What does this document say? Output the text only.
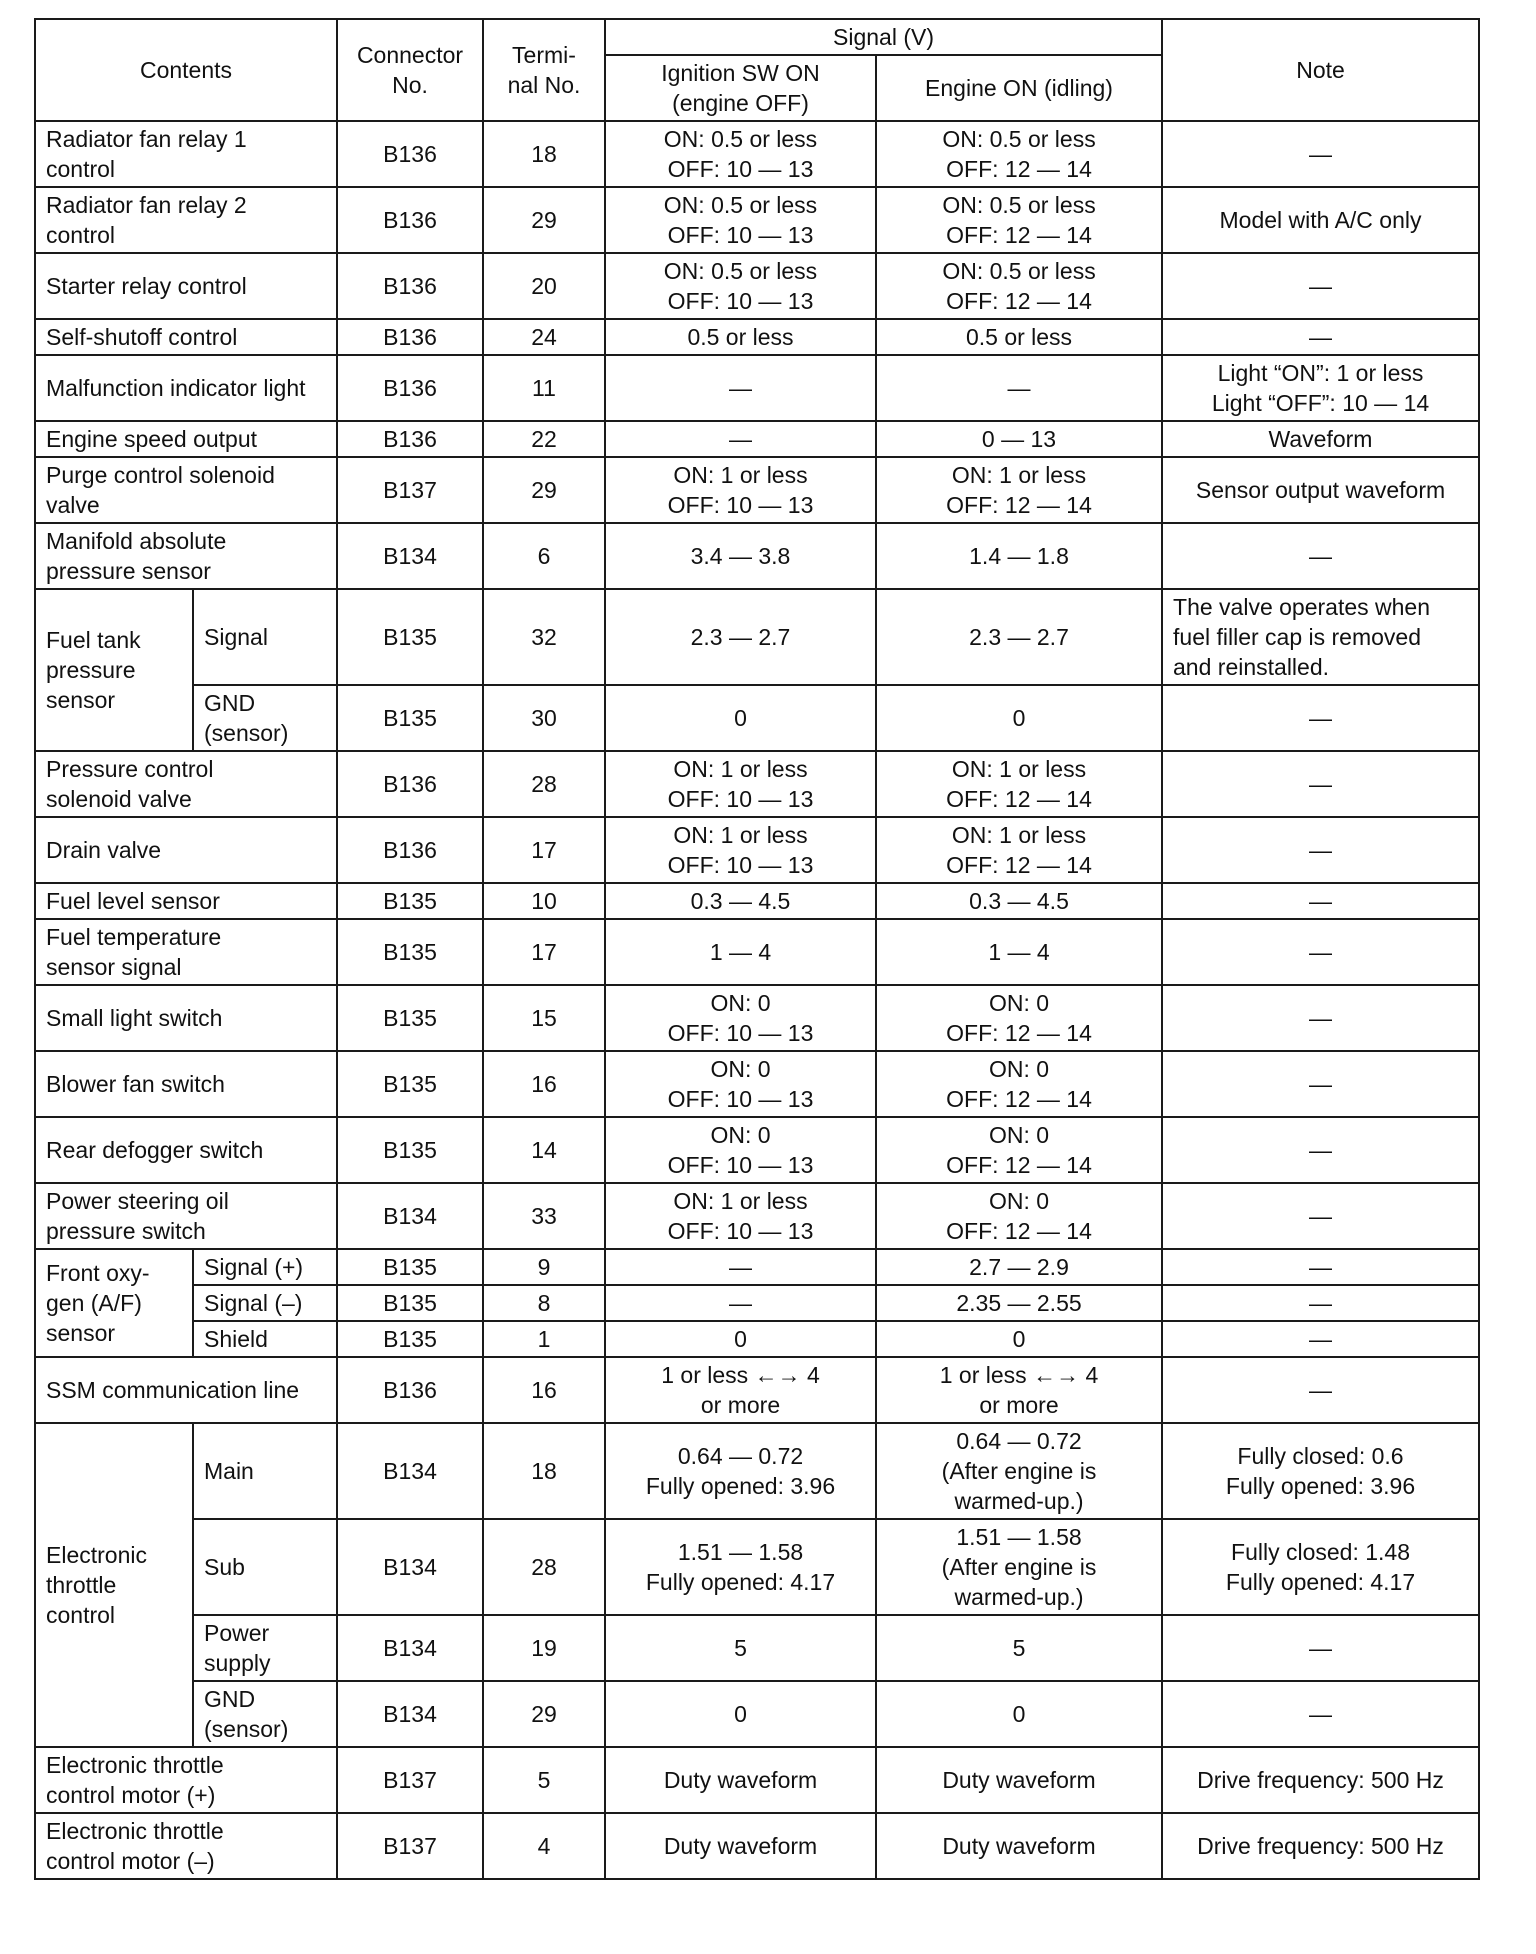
Contents		Connector
No.	Termi-
nal No.	Signal (V)		Note
				Ignition SW ON
(engine OFF)	Engine ON (idling)	
Radiator fan relay 1
control		B136	18	ON: 0.5 or less
OFF: 10 — 13	ON: 0.5 or less
OFF: 12 — 14	—
Radiator fan relay 2
control		B136	29	ON: 0.5 or less
OFF: 10 — 13	ON: 0.5 or less
OFF: 12 — 14	Model with A/C only
Starter relay control		B136	20	ON: 0.5 or less
OFF: 10 — 13	ON: 0.5 or less
OFF: 12 — 14	—
Self-shutoff control		B136	24	0.5 or less	0.5 or less	—
Malfunction indicator light		B136	11	—	—	Light “ON”: 1 or less
Light “OFF”: 10 — 14
Engine speed output		B136	22	—	0 — 13	Waveform
Purge control solenoid
valve		B137	29	ON: 1 or less
OFF: 10 — 13	ON: 1 or less
OFF: 12 — 14	Sensor output waveform
Manifold absolute
pressure sensor		B134	6	3.4 — 3.8	1.4 — 1.8	—
Fuel tank
pressure
sensor	Signal	B135	32	2.3 — 2.7	2.3 — 2.7	The valve operates when
fuel filler cap is removed
and reinstalled.
	GND
(sensor)	B135	30	0	0	—
Pressure control
solenoid valve		B136	28	ON: 1 or less
OFF: 10 — 13	ON: 1 or less
OFF: 12 — 14	—
Drain valve		B136	17	ON: 1 or less
OFF: 10 — 13	ON: 1 or less
OFF: 12 — 14	—
Fuel level sensor		B135	10	0.3 — 4.5	0.3 — 4.5	—
Fuel temperature
sensor signal		B135	17	1 — 4	1 — 4	—
Small light switch		B135	15	ON: 0
OFF: 10 — 13	ON: 0
OFF: 12 — 14	—
Blower fan switch		B135	16	ON: 0
OFF: 10 — 13	ON: 0
OFF: 12 — 14	—
Rear defogger switch		B135	14	ON: 0
OFF: 10 — 13	ON: 0
OFF: 12 — 14	—
Power steering oil
pressure switch		B134	33	ON: 1 or less
OFF: 10 — 13	ON: 0
OFF: 12 — 14	—
Front oxy-
gen (A/F)
sensor	Signal (+)	B135	9	—	2.7 — 2.9	—
	Signal (–)	B135	8	—	2.35 — 2.55	—
	Shield	B135	1	0	0	—
SSM communication line		B136	16	1 or less ←→ 4
or more	1 or less ←→ 4
or more	—
Electronic
throttle
control	Main	B134	18	0.64 — 0.72
Fully opened: 3.96	0.64 — 0.72
(After engine is
warmed-up.)	Fully closed: 0.6
Fully opened: 3.96
	Sub	B134	28	1.51 — 1.58
Fully opened: 4.17	1.51 — 1.58
(After engine is
warmed-up.)	Fully closed: 1.48
Fully opened: 4.17
	Power
supply	B134	19	5	5	—
	GND
(sensor)	B134	29	0	0	—
Electronic throttle
control motor (+)		B137	5	Duty waveform	Duty waveform	Drive frequency: 500 Hz
Electronic throttle
control motor (–)		B137	4	Duty waveform	Duty waveform	Drive frequency: 500 Hz
